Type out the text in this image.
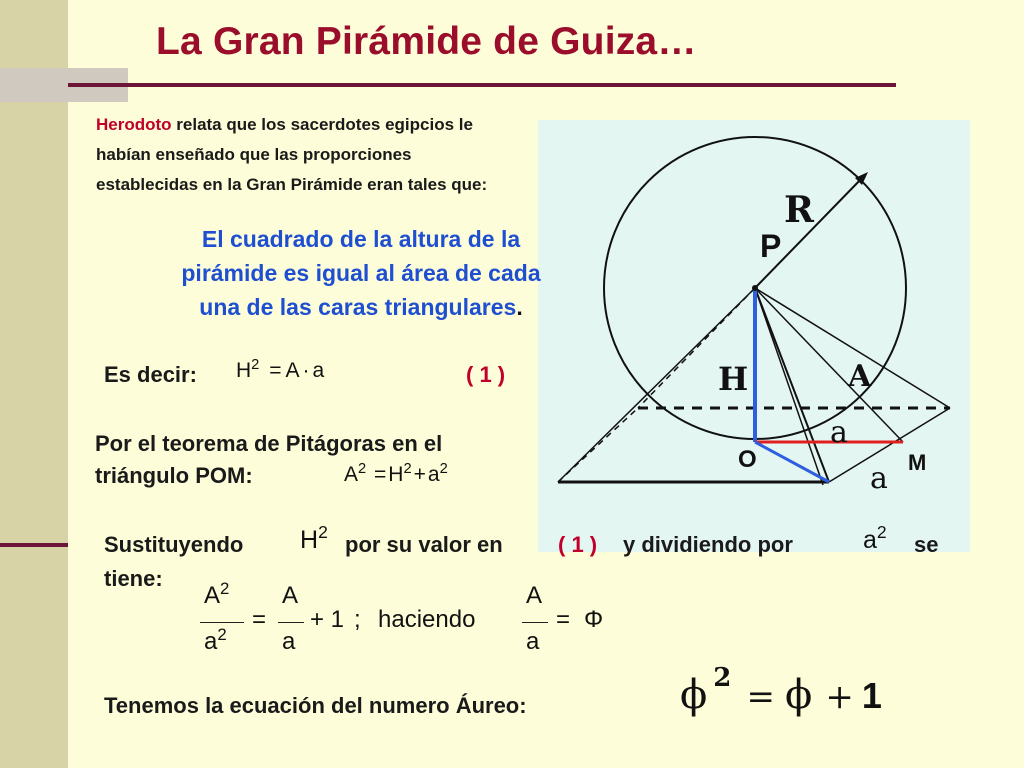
La Gran Pirámide de Guiza…
R
P
H	A
a
O	M
a
Herodoto relata que los sacerdotes egipcios le
habían enseñado que las proporciones
establecidas en la Gran Pirámide eran tales que:
El cuadrado de la altura de la
pirámide es igual al área de cada
una de las caras triangulares.
Es decir: $H^2 = A \cdot a$	( 1 )
Por el teorema de Pitágoras en el
triángulo POM:	$A^2 =H^2+a^2$
Sustituyendo $H^2$ por su valor en	( 1 ) y dividiendo por	$a^2$ se
tiene:
$A^2$
$a^2$
=
A
a
+ 1 ; haciendo
A
a
= Φ
Tenemos la ecuación del numero Áureo:	ϕ 2 = ϕ + 1
